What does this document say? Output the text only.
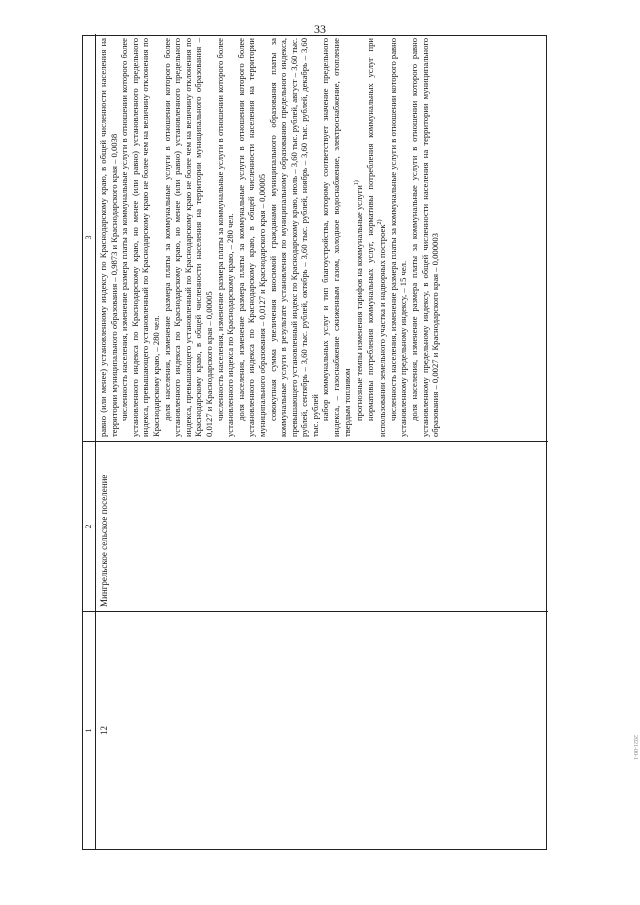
33
2021-00-1
1
2
3
12
Мингрельское сельское поселение

равно (или менее) установленному индексу по Краснодарскому краю, в общей численности населения на территории муниципального образования – 0,9873 и Краснодарского края – 0,0038 численность населения, изменение размера платы за коммунальные услуги в отношении которого более установленного индекса по Краснодарскому краю, но менее (или равно) установленного предельного индекса, превышающего установленный по Краснодарскому краю не более чем на величину отклонения по Краснодарскому краю, – 280 чел. доля населения, изменение размера платы за коммунальные услуги в отношении которого более установленного индекса по Краснодарскому краю, но менее (или равно) установленного предельного индекса, превышающего установленный по Краснодарскому краю не более чем на величину отклонения по Краснодарскому краю, в общей численности населения на территории муниципального образования – 0,0127 и Краснодарского края – 0,00005 численность населения, изменение размера платы за коммунальные услуги в отношении которого более установленного индекса по Краснодарскому краю, – 280 чел. доля населения, изменение размера платы за коммунальные услуги в отношении которого более установленного индекса по Краснодарскому краю, в общей численности населения на территории муниципального образования – 0,0127 и Краснодарского края – 0,00005 совокупная сумма увеличения вносимой гражданами муниципального образования платы за коммунальные услуги в результате установления по муниципальному образованию предельного индекса, превышающего установленный индекс по Краснодарскому краю, июль – 3,60 тыс. рублей, август – 3,60 тыс. рублей, сентябрь – 3,60 тыс. рублей, октябрь – 3,60 тыс. рублей, ноябрь – 3,60 тыс. рублей, декабрь – 3,60 тыс. рублей набор коммунальных услуг и тип благоустройства, которому соответствует значение предельного индекса, – газоснабжение сжиженным газом, холодное водоснабжение, электроснабжение, отопление твердым топливом прогнозные темпы изменения тарифов на коммунальные услуги$^{1)}$ нормативы потребления коммунальных услуг, нормативы потребления коммунальных услуг при использовании земельного участка и надворных построек$^{2)}$ численность населения, изменение размера платы за коммунальные услуги в отношении которого равно установленному предельному индексу, – 15 чел. доля населения, изменение размера платы за коммунальные услуги в отношении которого равно установленному предельному индексу, в общей численности населения на территории муниципального образования – 0,0027 и Краснодарского края – 0,000003
